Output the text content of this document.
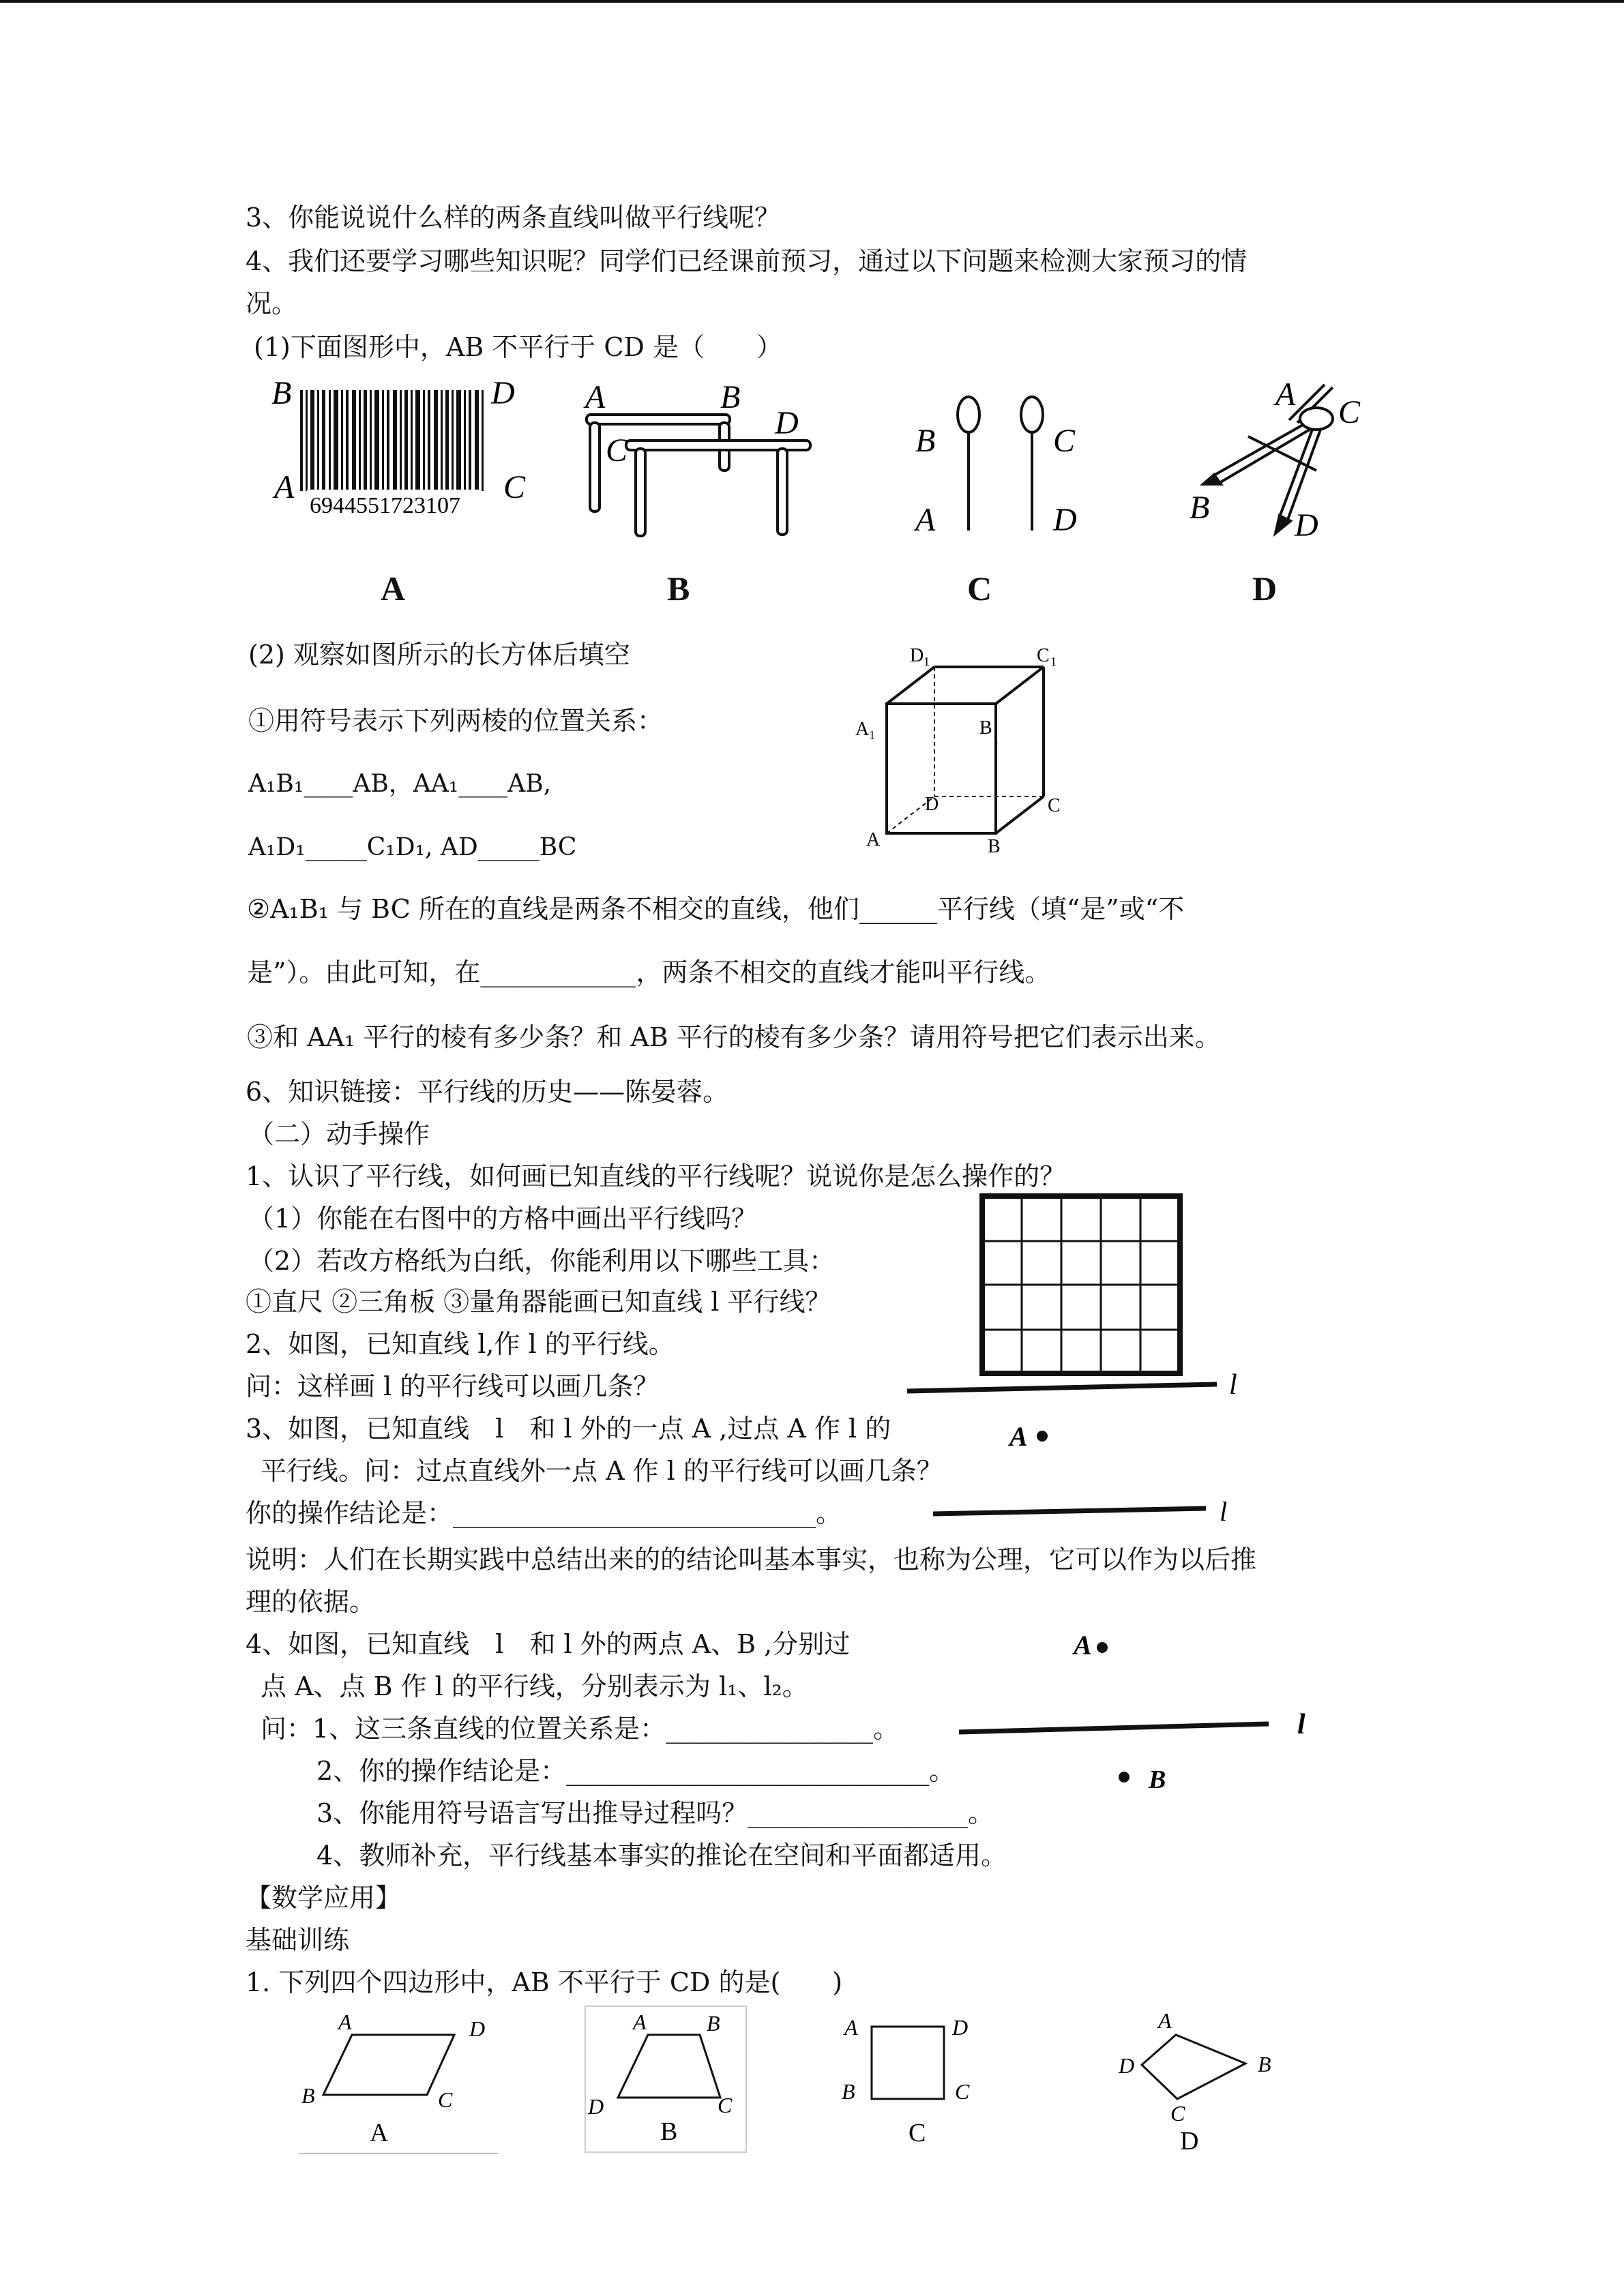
3、你能说说什么样的两条直线叫做平行线呢？
4、我们还要学习哪些知识呢？同学们已经课前预习，通过以下问题来检测大家预习的情
况。
(1)下面图形中，AB 不平行于 CD 是（　　）
6944551723107
B	D
A	C
A	B
C
D	B
A
C
D
A C
B	D
A	B	C	D
(2) 观察如图所示的长方体后填空
①用符号表示下列两棱的位置关系：
A₁B₁____AB，AA₁____AB,
A₁D₁_____C₁D₁, AD_____BC
D 1	C 1
A 1	B
1
D	C
A	B
②A₁B₁ 与 BC 所在的直线是两条不相交的直线，他们______平行线（填“是”或“不
是”）。由此可知，在____________，两条不相交的直线才能叫平行线。
③和 AA₁ 平行的棱有多少条？和 AB 平行的棱有多少条？请用符号把它们表示出来。
6、知识链接：平行线的历史——陈晏蓉。
（二）动手操作
1、认识了平行线，如何画已知直线的平行线呢？说说你是怎么操作的？
（1）你能在右图中的方格中画出平行线吗？
（2）若改方格纸为白纸，你能利用以下哪些工具：
①直尺 ②三角板 ③量角器能画已知直线 l 平行线？
2、如图，已知直线 l,作 l 的平行线。
问：这样画 l 的平行线可以画几条？	l
3、如图，已知直线　l　和 l 外的一点 A ,过点 A 作 l 的
平行线。问：过点直线外一点 A 作 l 的平行线可以画几条？
你的操作结论是：____________________________。
A
l
说明：人们在长期实践中总结出来的的结论叫基本事实，也称为公理，它可以作为以后推
理的依据。
4、如图，已知直线　l　和 l 外的两点 A、B ,分别过
点 A、点 B 作 l 的平行线，分别表示为 l₁、l₂。
问：1、这三条直线的位置关系是：________________。
2、你的操作结论是：____________________________。
3、你能用符号语言写出推导过程吗？_________________。
4、教师补充，平行线基本事实的推论在空间和平面都适用。
A
l
B
【数学应用】
基础训练
1. 下列四个四边形中，AB 不平行于 CD 的是(　　)
A	D
B	C
A
A	B
D	C
B
A	D
B	C
C
A
D	B
C
D
